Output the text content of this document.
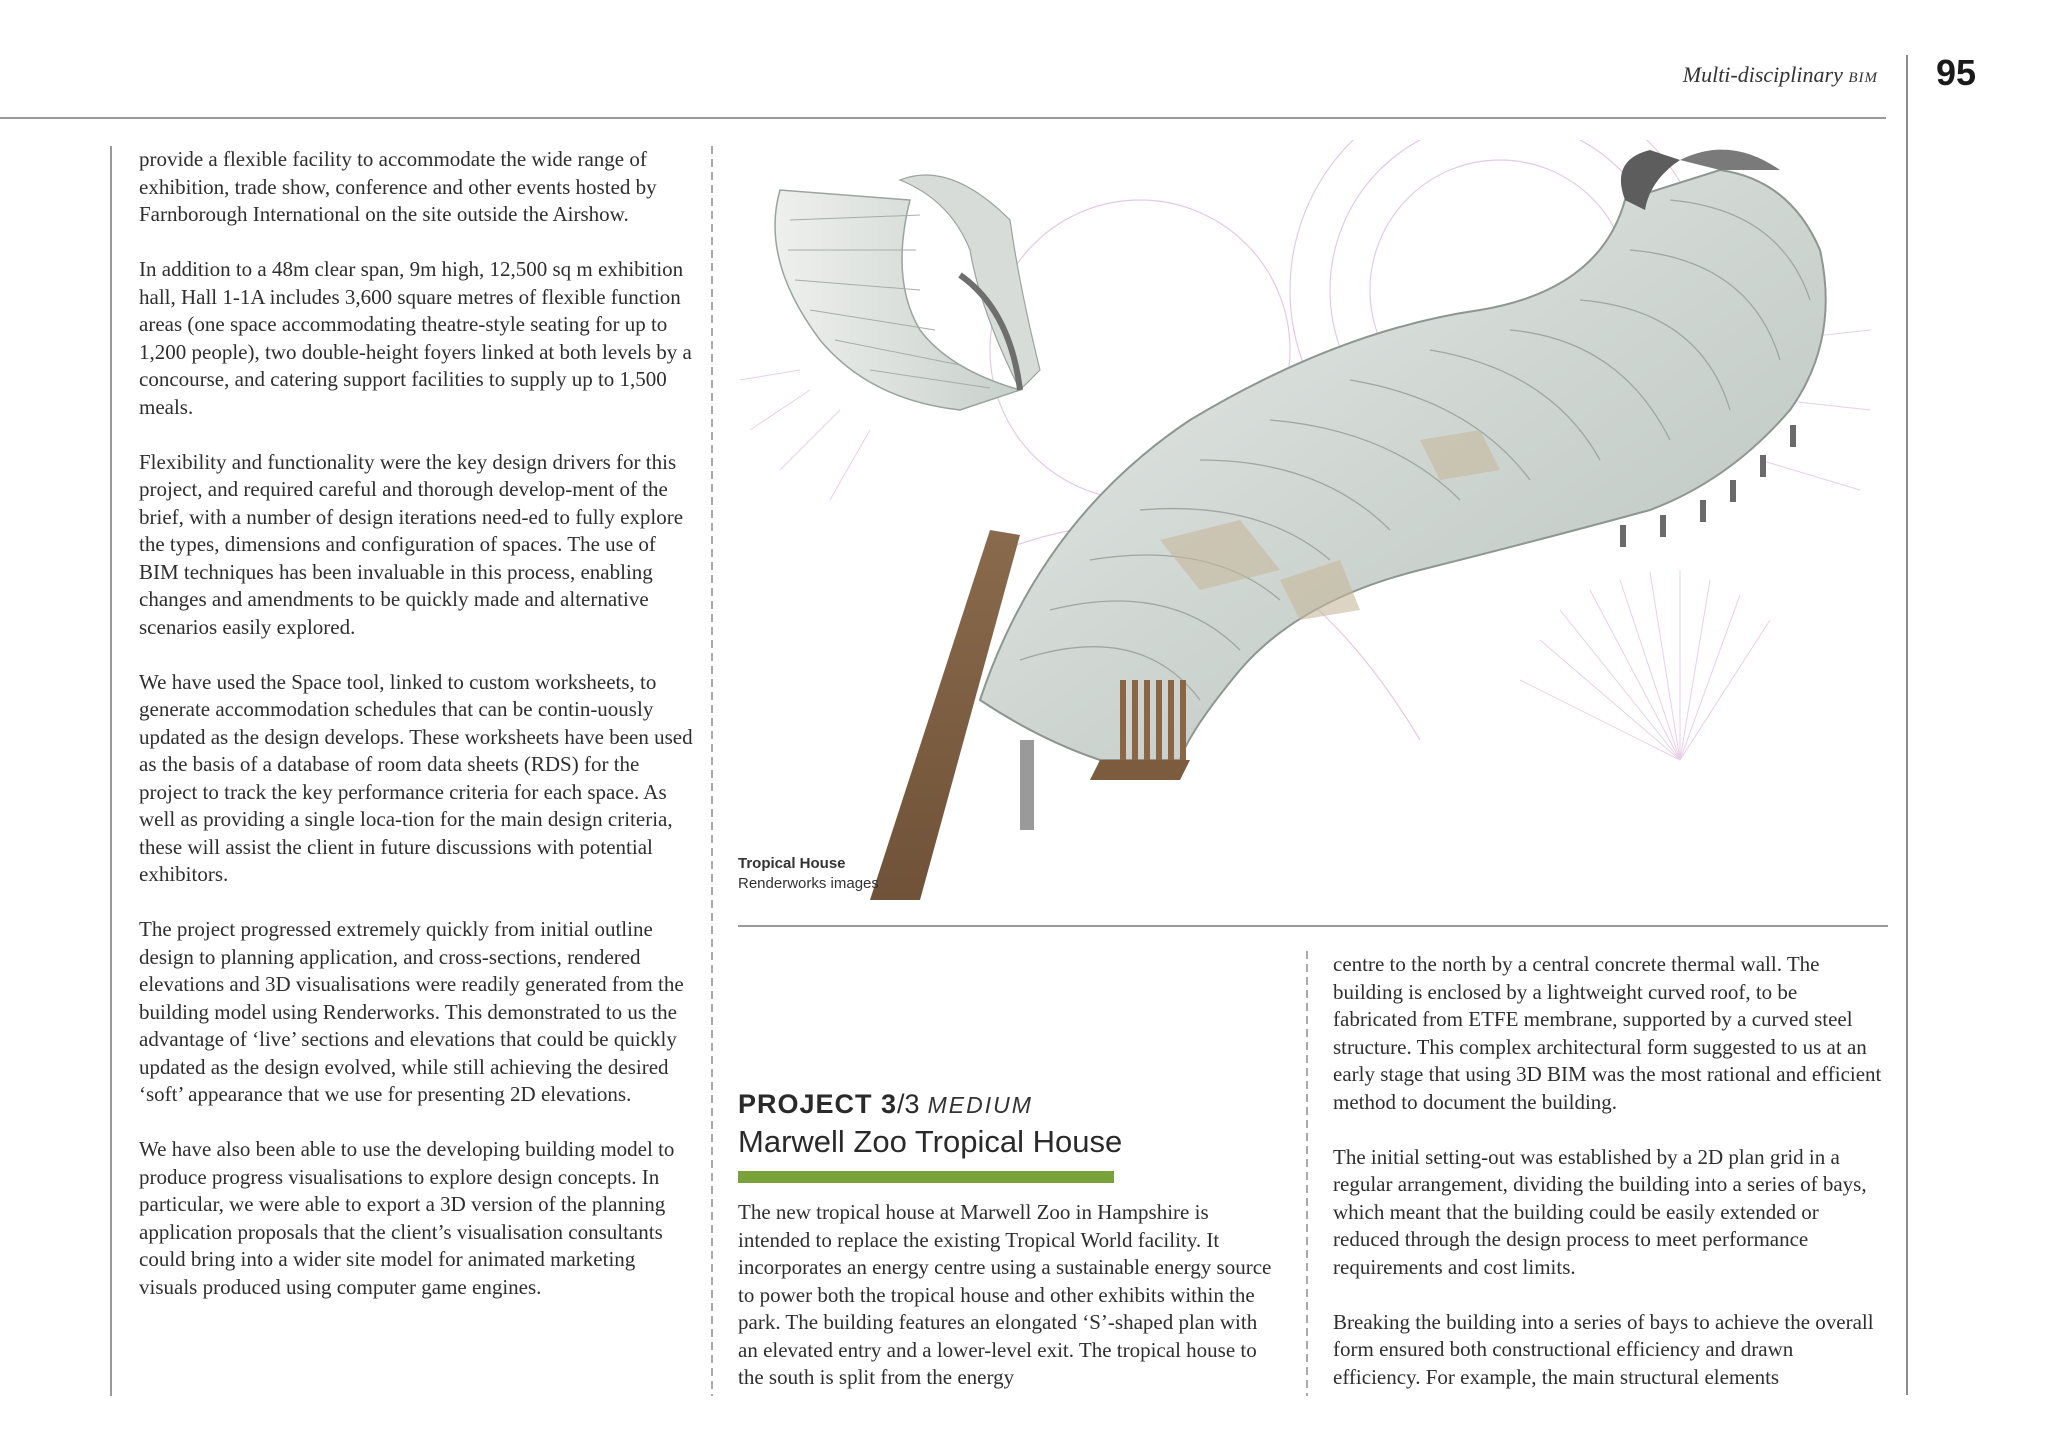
Multi-disciplinary BIM 95

provide a flexible facility to accommodate the wide range of exhibition, trade show, conference and other events hosted by Farnborough International on the site outside the Airshow.

In addition to a 48m clear span, 9m high, 12,500 sq m exhibition hall, Hall 1-1A includes 3,600 square metres of flexible function areas (one space accommodating theatre-style seating for up to 1,200 people), two double-height foyers linked at both levels by a concourse, and catering support facilities to supply up to 1,500 meals.

Flexibility and functionality were the key design drivers for this project, and required careful and thorough develop-ment of the brief, with a number of design iterations need-ed to fully explore the types, dimensions and configuration of spaces. The use of BIM techniques has been invaluable in this process, enabling changes and amendments to be quickly made and alternative scenarios easily explored.

We have used the Space tool, linked to custom worksheets, to generate accommodation schedules that can be contin-uously updated as the design develops. These worksheets have been used as the basis of a database of room data sheets (RDS) for the project to track the key performance criteria for each space. As well as providing a single loca-tion for the main design criteria, these will assist the client in future discussions with potential exhibitors.

The project progressed extremely quickly from initial outline design to planning application, and cross-sections, rendered elevations and 3D visualisations were readily generated from the building model using Renderworks. This demonstrated to us the advantage of ‘live’ sections and elevations that could be quickly updated as the design evolved, while still achieving the desired ‘soft’ appearance that we use for presenting 2D elevations.

We have also been able to use the developing building model to produce progress visualisations to explore design concepts. In particular, we were able to export a 3D version of the planning application proposals that the client’s visualisation consultants could bring into a wider site model for animated marketing visuals produced using computer game engines.

Tropical House
Renderworks images
PROJECT 3/3 MEDIUM
Marwell Zoo Tropical House

The new tropical house at Marwell Zoo in Hampshire is intended to replace the existing Tropical World facility. It incorporates an energy centre using a sustainable energy source to power both the tropical house and other exhibits within the park. The building features an elongated ‘S’-shaped plan with an elevated entry and a lower-level exit. The tropical house to the south is split from the energy

centre to the north by a central concrete thermal wall. The building is enclosed by a lightweight curved roof, to be fabricated from ETFE membrane, supported by a curved steel structure. This complex architectural form suggested to us at an early stage that using 3D BIM was the most rational and efficient method to document the building.

The initial setting-out was established by a 2D plan grid in a regular arrangement, dividing the building into a series of bays, which meant that the building could be easily extended or reduced through the design process to meet performance requirements and cost limits.

Breaking the building into a series of bays to achieve the overall form ensured both constructional efficiency and drawn efficiency. For example, the main structural elements
